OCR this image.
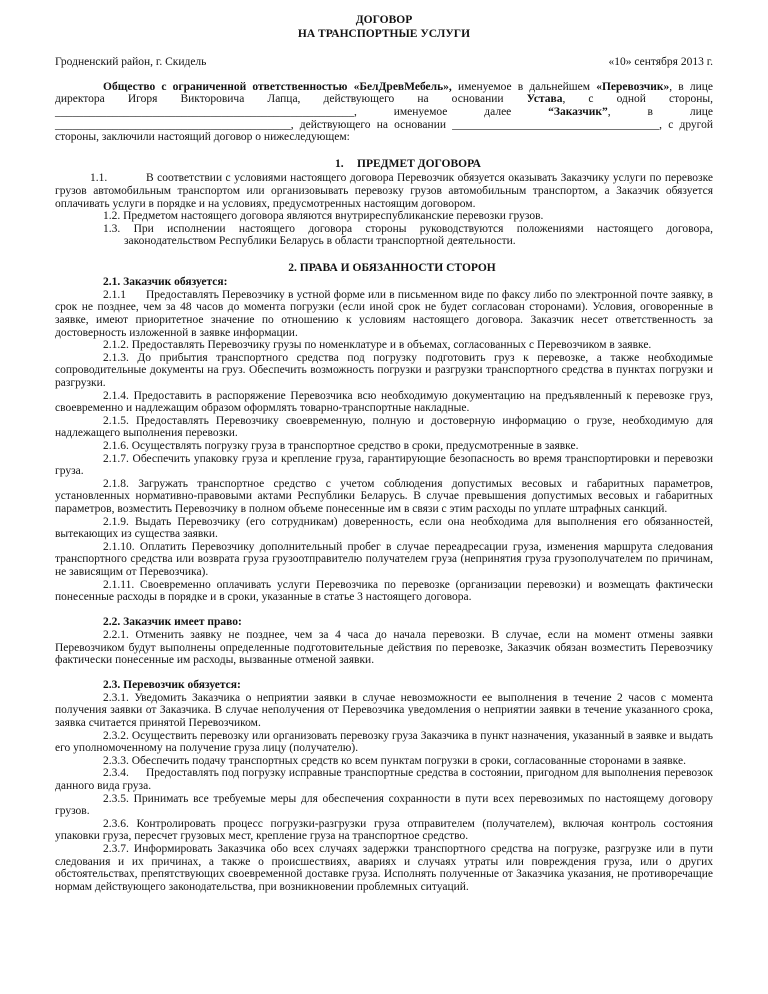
ДОГОВОР
НА ТРАНСПОРТНЫЕ УСЛУГИ
Гродненский район, г. Скидель	«10» сентября 2013 г.
Общество с ограниченной ответственностью «БелДревМебель», именуемое в дальнейшем «Перевозчик», в лице директора Игоря Викторовича Лапца, действующего на основании Устава, с одной стороны, ____________________________________________________, именуемое далее “Заказчик”, в лице _________________________________________, действующего на основании ____________________________________, с другой стороны, заключили настоящий договор о нижеследующем:
1. ПРЕДМЕТ ДОГОВОРА
1.1.	В соответствии с условиями настоящего договора Перевозчик обязуется оказывать Заказчику услуги по перевозке грузов автомобильным транспортом или организовывать перевозку грузов автомобильным транспортом, а Заказчик обязуется оплачивать услуги в порядке и на условиях, предусмотренных настоящим договором.
1.2. Предметом настоящего договора являются внутриреспубликанские перевозки грузов.
1.3. При исполнении настоящего договора стороны руководствуются положениями настоящего договора, законодательством Республики Беларусь в области транспортной деятельности.
2. ПРАВА И ОБЯЗАННОСТИ СТОРОН
2.1. Заказчик обязуется:
2.1.1 Предоставлять Перевозчику в устной форме или в письменном виде по факсу либо по электронной почте заявку, в срок не позднее, чем за 48 часов до момента погрузки (если иной срок не будет согласован сторонами). Условия, оговоренные в заявке, имеют приоритетное значение по отношению к условиям настоящего договора. Заказчик несет ответственность за достоверность изложенной в заявке информации.
2.1.2. Предоставлять Перевозчику грузы по номенклатуре и в объемах, согласованных с Перевозчиком в заявке.
2.1.3. До прибытия транспортного средства под погрузку подготовить груз к перевозке, а также необходимые сопроводительные документы на груз. Обеспечить возможность погрузки и разгрузки транспортного средства в пунктах погрузки и разгрузки.
2.1.4. Предоставить в распоряжение Перевозчика всю необходимую документацию на предъявленный к перевозке груз, своевременно и надлежащим образом оформлять товарно-транспортные накладные.
2.1.5. Предоставлять Перевозчику своевременную, полную и достоверную информацию о грузе, необходимую для надлежащего выполнения перевозки.
2.1.6. Осуществлять погрузку груза в транспортное средство в сроки, предусмотренные в заявке.
2.1.7. Обеспечить упаковку груза и крепление груза, гарантирующие безопасность во время транспортировки и перевозки груза.
2.1.8. Загружать транспортное средство с учетом соблюдения допустимых весовых и габаритных параметров, установленных нормативно-правовыми актами Республики Беларусь. В случае превышения допустимых весовых и габаритных параметров, возместить Перевозчику в полном объеме понесенные им в связи с этим расходы по уплате штрафных санкций.
2.1.9. Выдать Перевозчику (его сотрудникам) доверенность, если она необходима для выполнения его обязанностей, вытекающих из существа заявки.
2.1.10. Оплатить Перевозчику дополнительный пробег в случае переадресации груза, изменения маршрута следования транспортного средства или возврата груза грузоотправителю получателем груза (непринятия груза грузополучателем по причинам, не зависящим от Перевозчика).
2.1.11. Своевременно оплачивать услуги Перевозчика по перевозке (организации перевозки) и возмещать фактически понесенные расходы в порядке и в сроки, указанные в статье 3 настоящего договора.
2.2. Заказчик имеет право:
2.2.1. Отменить заявку не позднее, чем за 4 часа до начала перевозки. В случае, если на момент отмены заявки Перевозчиком будут выполнены определенные подготовительные действия по перевозке, Заказчик обязан возместить Перевозчику фактически понесенные им расходы, вызванные отменой заявки.
2.3. Перевозчик обязуется:
2.3.1. Уведомить Заказчика о неприятии заявки в случае невозможности ее выполнения в течение 2 часов с момента получения заявки от Заказчика. В случае неполучения от Перевозчика уведомления о неприятии заявки в течение указанного срока, заявка считается принятой Перевозчиком.
2.3.2. Осуществить перевозку или организовать перевозку груза Заказчика в пункт назначения, указанный в заявке и выдать его уполномоченному на получение груза лицу (получателю).
2.3.3. Обеспечить подачу транспортных средств ко всем пунктам погрузки в сроки, согласованные сторонами в заявке.
2.3.4. Предоставлять под погрузку исправные транспортные средства в состоянии, пригодном для выполнения перевозок данного вида груза.
2.3.5. Принимать все требуемые меры для обеспечения сохранности в пути всех перевозимых по настоящему договору грузов.
2.3.6. Контролировать процесс погрузки-разгрузки груза отправителем (получателем), включая контроль состояния упаковки груза, пересчет грузовых мест, крепление груза на транспортное средство.
2.3.7. Информировать Заказчика обо всех случаях задержки транспортного средства на погрузке, разгрузке или в пути следования и их причинах, а также о происшествиях, авариях и случаях утраты или повреждения груза, или о других обстоятельствах, препятствующих своевременной доставке груза. Исполнять полученные от Заказчика указания, не противоречащие нормам действующего законодательства, при возникновении проблемных ситуаций.
